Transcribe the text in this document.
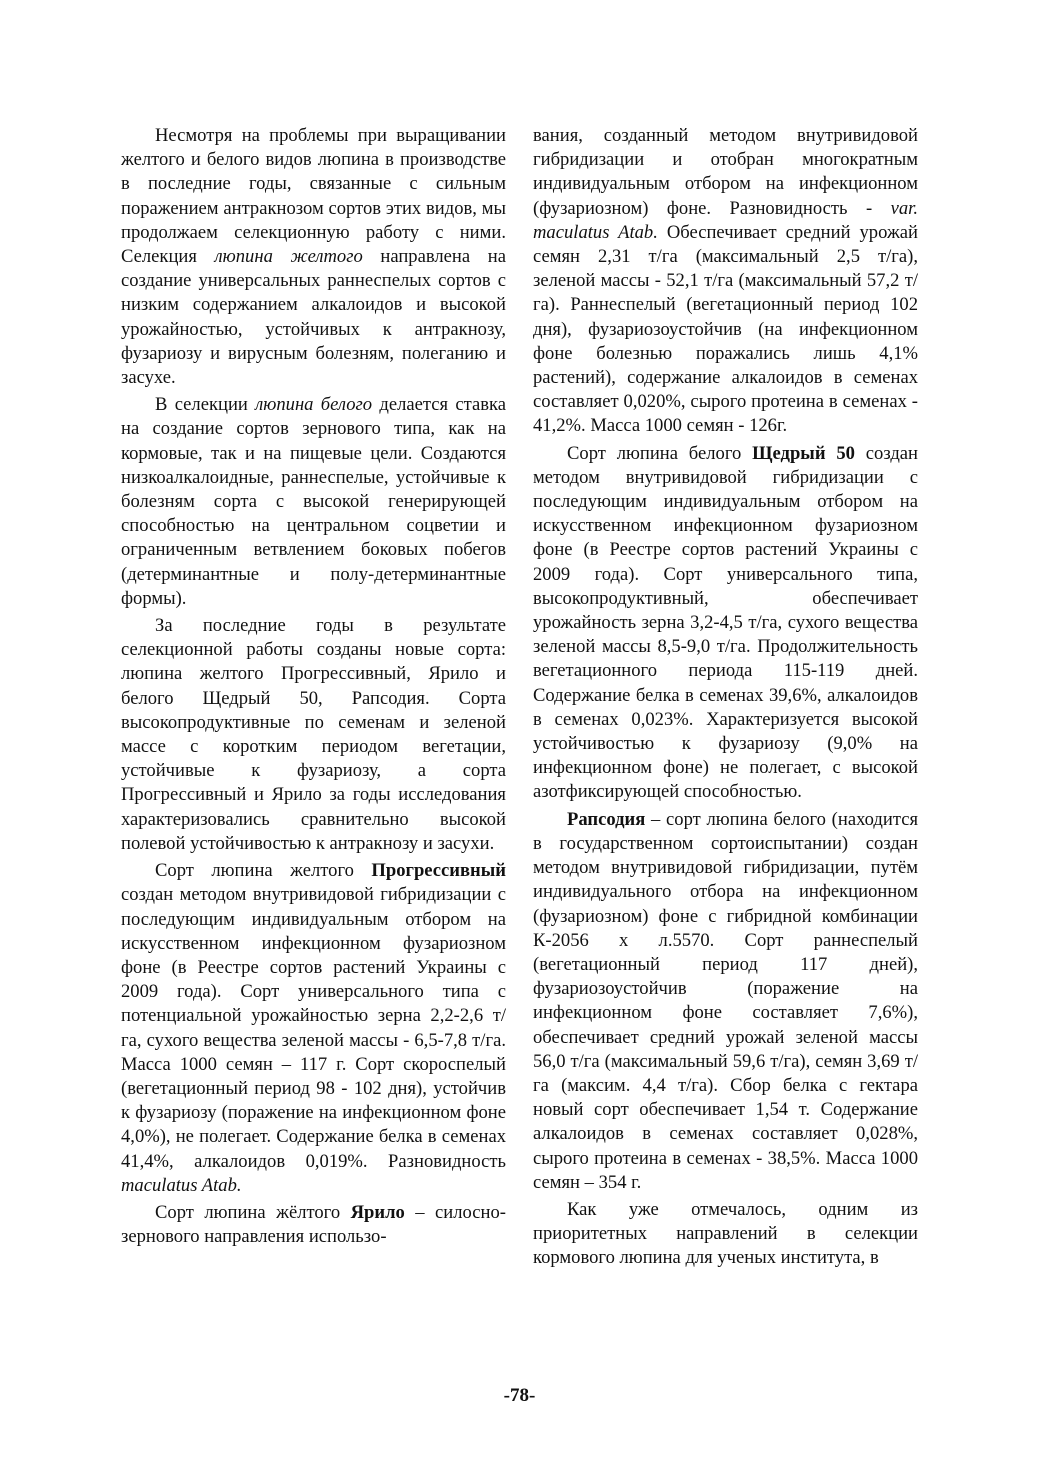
Несмотря на проблемы при выращивании желтого и белого видов люпина в производстве в последние годы, связанные с сильным поражением антракнозом сортов этих видов, мы продолжаем селекционную работу с ними. Селекция люпина желтого направлена на создание универсальных раннеспелых сортов с низким содержанием алкалоидов и высокой урожайностью, устойчивых к антракнозу, фузариозу и вирусным болезням, полеганию и засухе.

В селекции люпина белого делается ставка на создание сортов зернового типа, как на кормовые, так и на пищевые цели. Создаются низкоалкалоидные, раннеспелые, устойчивые к болезням сорта с высокой генерирующей способностью на центральном соцветии и ограниченным ветвлением боковых побегов (детерминантные и полу-детерминантные формы).

За последние годы в результате селекционной работы созданы новые сорта: люпина желтого Прогрессивный, Ярило и белого Щедрый 50, Рапсодия. Сорта высокопродуктивные по семенам и зеленой массе с коротким периодом вегетации, устойчивые к фузариозу, а сорта Прогрессивный и Ярило за годы исследования характеризовались сравнительно высокой полевой устойчивостью к антракнозу и засухи.

Сорт люпина желтого Прогрессивный создан методом внутривидовой гибридизации с последующим индивидуальным отбором на искусственном инфекционном фузариозном фоне (в Реестре сортов растений Украины с 2009 года). Сорт универсального типа с потенциальной урожайностью зерна 2,2-2,6 т/га, сухого вещества зеленой массы - 6,5-7,8 т/га. Масса 1000 семян – 117 г. Сорт скороспелый (вегетационный период 98 - 102 дня), устойчив к фузариозу (поражение на инфекционном фоне 4,0%), не полегает. Содержание белка в семенах 41,4%, алкалоидов 0,019%. Разновидность maculatus Atab.

Сорт люпина жёлтого Ярило – силосно-зернового направления использо-

вания, созданный методом внутривидовой гибридизации и отобран многократным индивидуальным отбором на инфекционном (фузариозном) фоне. Разновидность - var. maculatus Atab. Обеспечивает средний урожай семян 2,31 т/га (максимальный 2,5 т/га), зеленой массы - 52,1 т/га (максимальный 57,2 т/га). Раннеспелый (вегетационный период 102 дня), фузариозоустойчив (на инфекционном фоне болезнью поражались лишь 4,1% растений), содержание алкалоидов в семенах составляет 0,020%, сырого протеина в семенах - 41,2%. Масса 1000 семян - 126г.

Сорт люпина белого Щедрый 50 создан методом внутривидовой гибридизации с последующим индивидуальным отбором на искусственном инфекционном фузариозном фоне (в Реестре сортов растений Украины с 2009 года). Сорт универсального типа, высокопродуктивный, обеспечивает урожайность зерна 3,2-4,5 т/га, сухого вещества зеленой массы 8,5-9,0 т/га. Продолжительность вегетационного периода 115-119 дней. Содержание белка в семенах 39,6%, алкалоидов в семенах 0,023%. Характеризуется высокой устойчивостью к фузариозу (9,0% на инфекционном фоне) не полегает, с высокой азотфиксирующей способностью.

Рапсодия – сорт люпина белого (находится в государственном сортоиспытании) создан методом внутривидовой гибридизации, путём индивидуального отбора на инфекционном (фузариозном) фоне с гибридной комбинации К-2056 х л.5570. Сорт раннеспелый (вегетационный период 117 дней), фузариозоустойчив (поражение на инфекционном фоне составляет 7,6%), обеспечивает средний урожай зеленой массы 56,0 т/га (максимальный 59,6 т/га), семян 3,69 т/га (максим. 4,4 т/га). Сбор белка с гектара новый сорт обеспечивает 1,54 т. Содержание алкалоидов в семенах составляет 0,028%, сырого протеина в семенах - 38,5%. Масса 1000 семян – 354 г.

Как уже отмечалось, одним из приоритетных направлений в селекции кормового люпина для ученых института, в

-78-
